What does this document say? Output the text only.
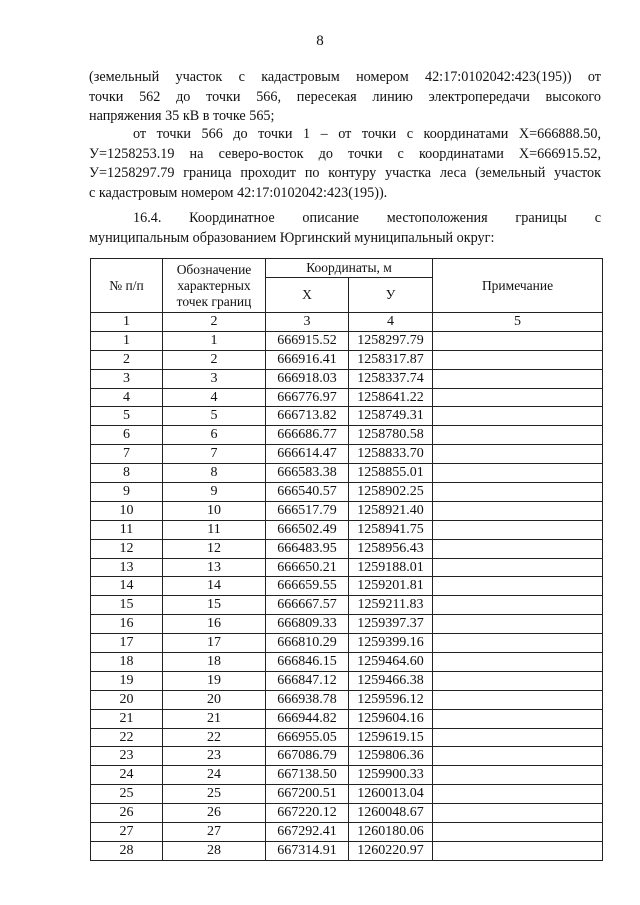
8
(земельный участок с кадастровым номером 42:17:0102042:423(195)) от
точки 562 до точки 566, пересекая линию электропередачи высокого
напряжения 35 кВ в точке 565;
от точки 566 до точки 1 – от точки с координатами Х=666888.50,
У=1258253.19 на северо-восток до точки с координатами Х=666915.52,
У=1258297.79 граница проходит по контуру участка леса (земельный участок
с кадастровым номером 42:17:0102042:423(195)).
16.4. Координатное описание местоположения границы с
муниципальным образованием Юргинский муниципальный округ:
№ п/п	Обозначение характерных точек границ	Координаты, м		Примечание
		Х	У	
1	2	3	4	5
1	1	666915.52	1258297.79	
2	2	666916.41	1258317.87	
3	3	666918.03	1258337.74	
4	4	666776.97	1258641.22	
5	5	666713.82	1258749.31	
6	6	666686.77	1258780.58	
7	7	666614.47	1258833.70	
8	8	666583.38	1258855.01	
9	9	666540.57	1258902.25	
10	10	666517.79	1258921.40	
11	11	666502.49	1258941.75	
12	12	666483.95	1258956.43	
13	13	666650.21	1259188.01	
14	14	666659.55	1259201.81	
15	15	666667.57	1259211.83	
16	16	666809.33	1259397.37	
17	17	666810.29	1259399.16	
18	18	666846.15	1259464.60	
19	19	666847.12	1259466.38	
20	20	666938.78	1259596.12	
21	21	666944.82	1259604.16	
22	22	666955.05	1259619.15	
23	23	667086.79	1259806.36	
24	24	667138.50	1259900.33	
25	25	667200.51	1260013.04	
26	26	667220.12	1260048.67	
27	27	667292.41	1260180.06	
28	28	667314.91	1260220.97	
